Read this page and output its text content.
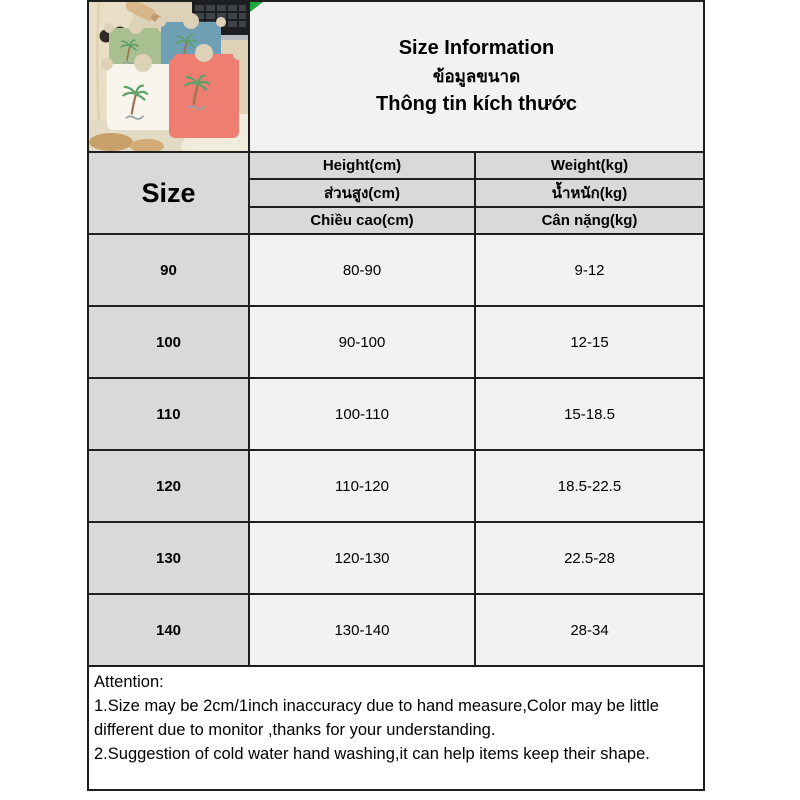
Size Information
ข้อมูลขนาด
Thông tin kích thước
Size
Height(cm)	Weight(kg)
ส่วนสูง(cm)	น้ำหนัก(kg)
Chiều cao(cm)	Cân nặng(kg)
90	80-90	9-12
100	90-100	12-15
110	100-110	15-18.5
120	110-120	18.5-22.5
130	120-130	22.5-28
140	130-140	28-34
Attention:
1.Size may be 2cm/1inch inaccuracy due to hand measure,Color may be little different due to monitor ,thanks for your understanding.
2.Suggestion of cold water hand washing,it can help items keep their shape.
